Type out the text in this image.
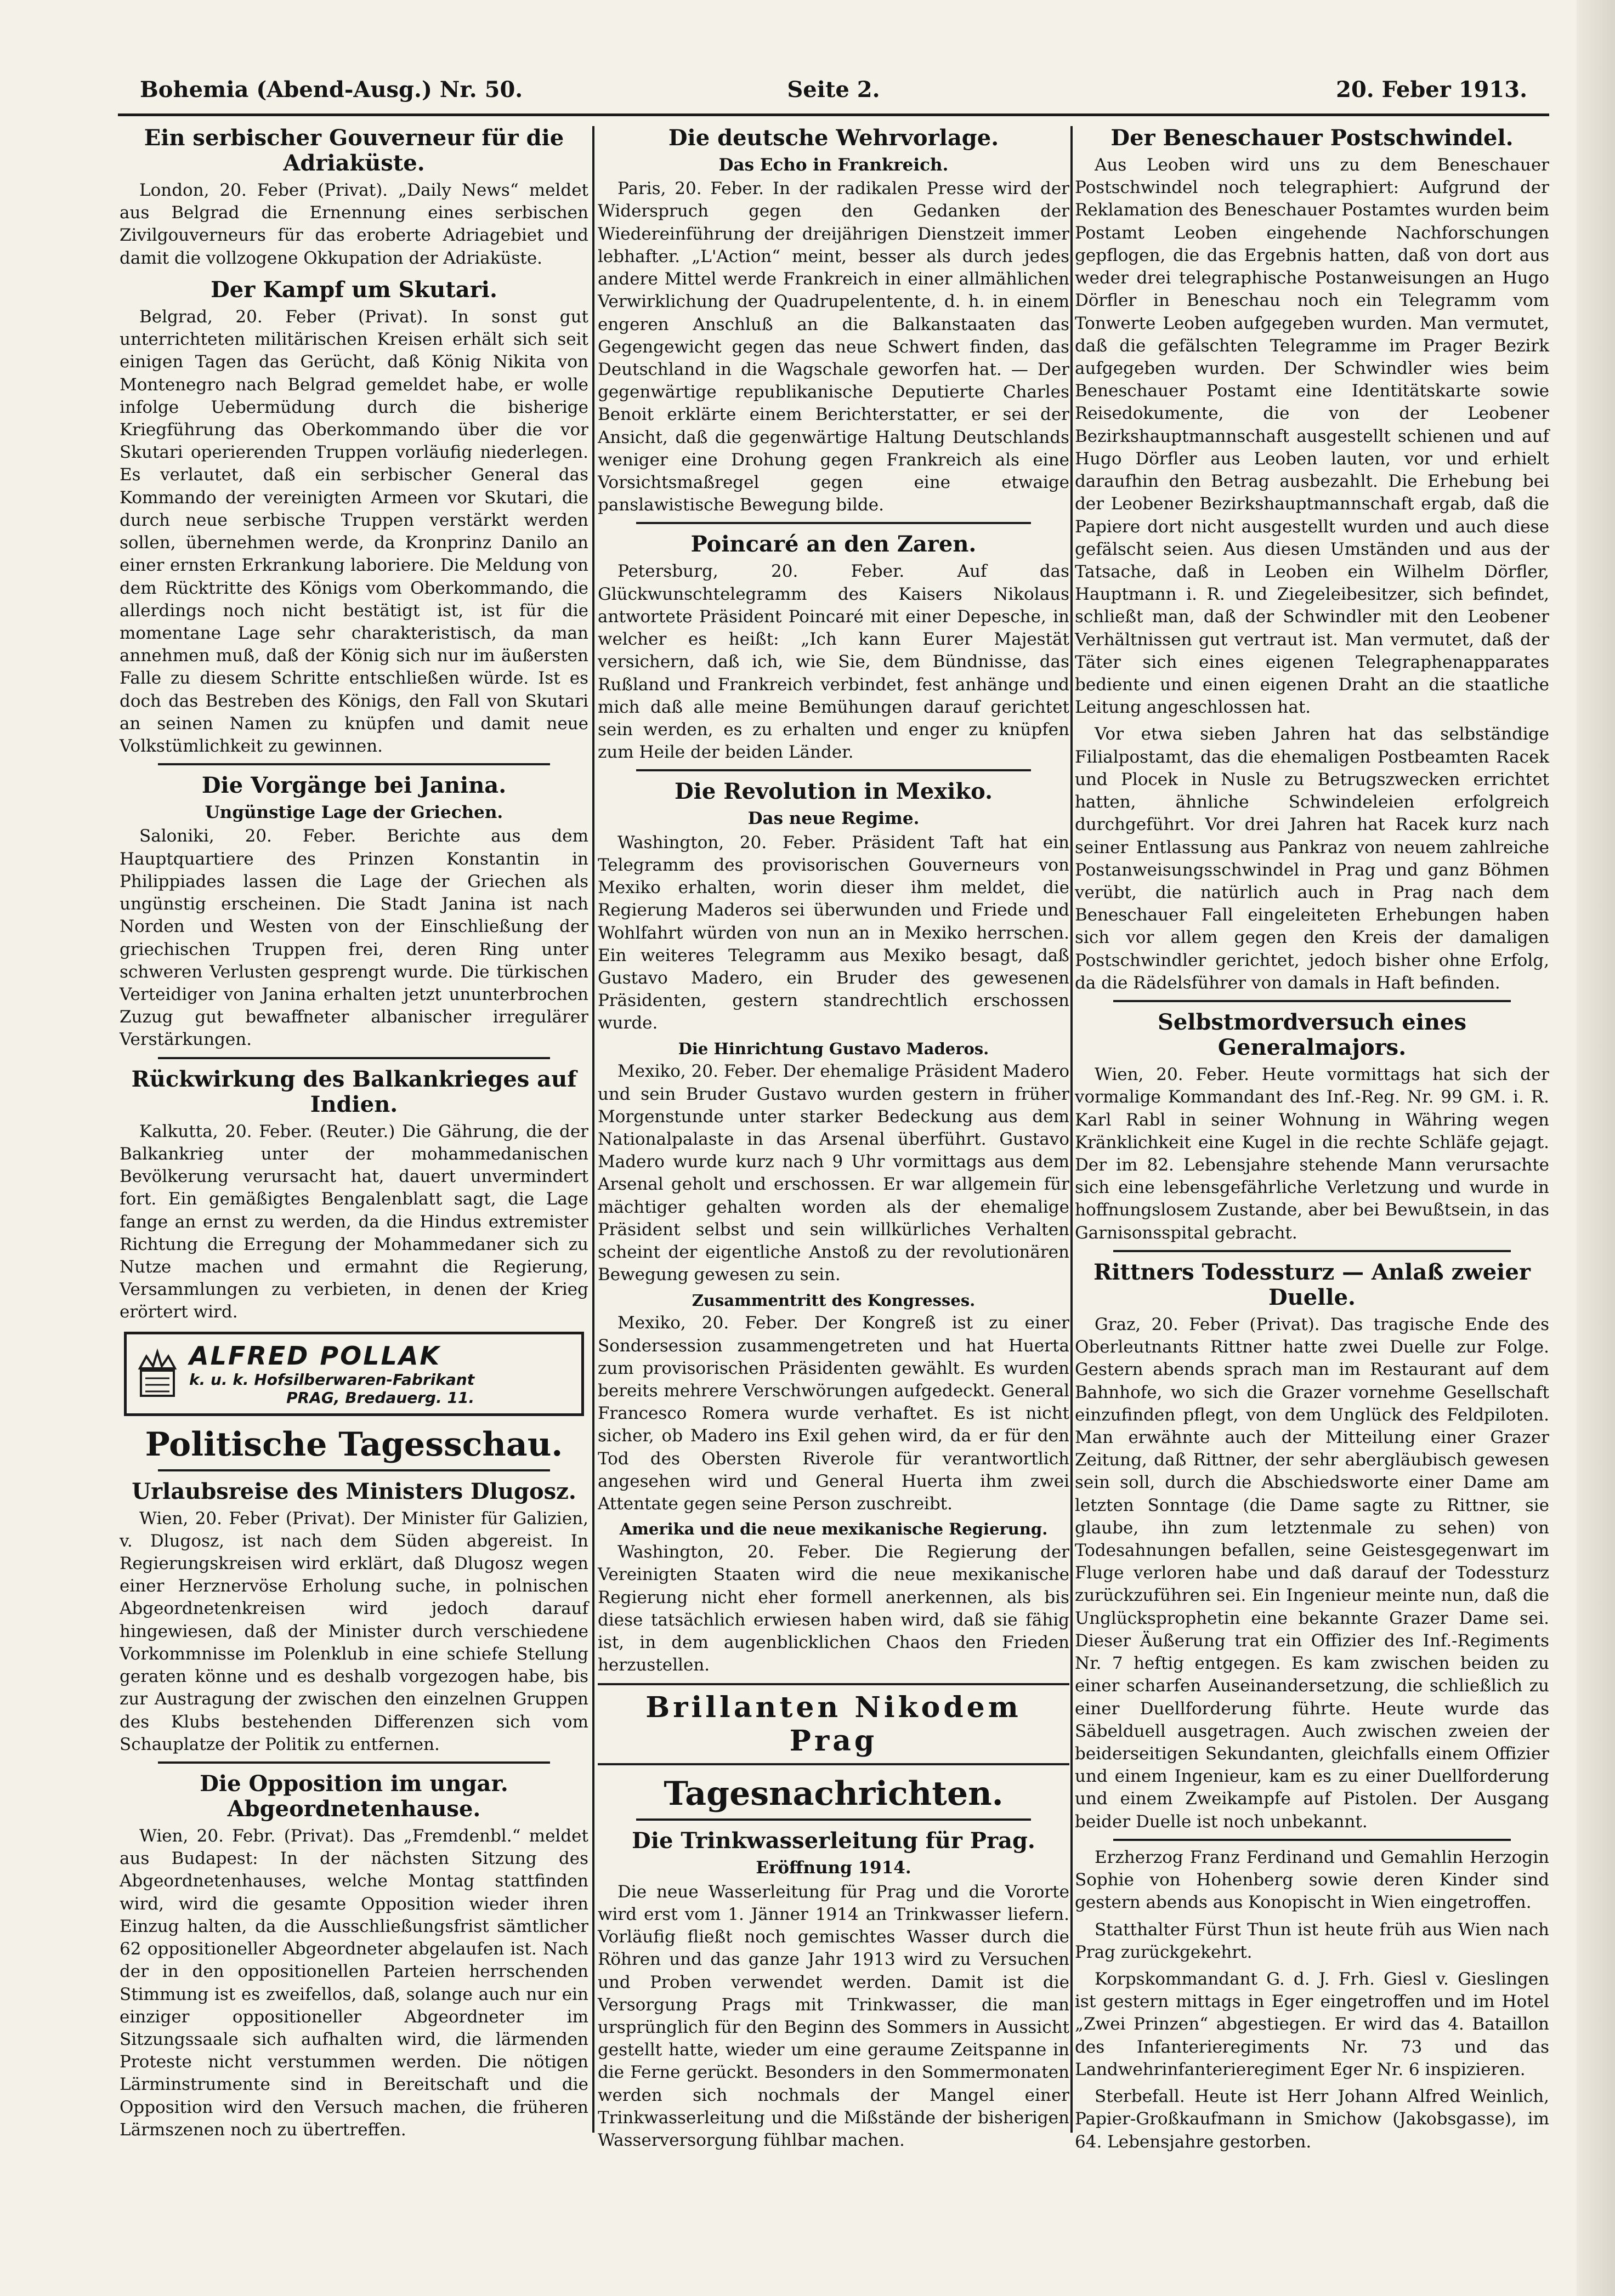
Bohemia (Abend-Ausg.) Nr. 50.	Seite 2.	20. Feber 1913.
Ein serbischer Gouverneur für die Adriaküste.

London, 20. Feber (Privat). „Daily News“ meldet aus Belgrad die Ernennung eines serbischen Zivilgouverneurs für das eroberte Adriagebiet und damit die vollzogene Okkupation der Adriaküste.

Der Kampf um Skutari.

Belgrad, 20. Feber (Privat). In sonst gut unterrichteten militärischen Kreisen erhält sich seit einigen Tagen das Gerücht, daß König Nikita von Montenegro nach Belgrad gemeldet habe, er wolle infolge Uebermüdung durch die bisherige Kriegführung das Oberkommando über die vor Skutari operierenden Truppen vorläufig niederlegen. Es verlautet, daß ein serbischer General das Kommando der vereinigten Armeen vor Skutari, die durch neue serbische Truppen verstärkt werden sollen, übernehmen werde, da Kronprinz Danilo an einer ernsten Erkrankung laboriere. Die Meldung von dem Rücktritte des Königs vom Oberkommando, die allerdings noch nicht bestätigt ist, ist für die momentane Lage sehr charakteristisch, da man annehmen muß, daß der König sich nur im äußersten Falle zu diesem Schritte entschließen würde. Ist es doch das Bestreben des Königs, den Fall von Skutari an seinen Namen zu knüpfen und damit neue Volkstümlichkeit zu gewinnen.

Die Vorgänge bei Janina.
Ungünstige Lage der Griechen.

Saloniki, 20. Feber. Berichte aus dem Hauptquartiere des Prinzen Konstantin in Philippiades lassen die Lage der Griechen als ungünstig erscheinen. Die Stadt Janina ist nach Norden und Westen von der Einschließung der griechischen Truppen frei, deren Ring unter schweren Verlusten gesprengt wurde. Die türkischen Verteidiger von Janina erhalten jetzt ununterbrochen Zuzug gut bewaffneter albanischer irregulärer Verstärkungen.

Rückwirkung des Balkankrieges auf Indien.

Kalkutta, 20. Feber. (Reuter.) Die Gährung, die der Balkankrieg unter der mohammedanischen Bevölkerung verursacht hat, dauert unvermindert fort. Ein gemäßigtes Bengalenblatt sagt, die Lage fange an ernst zu werden, da die Hindus extremister Richtung die Erregung der Mohammedaner sich zu Nutze machen und ermahnt die Regierung, Versammlungen zu verbieten, in denen der Krieg erörtert wird.

ALFRED POLLAK
k. u. k. Hofsilberwaren-Fabrikant
PRAG, Bredauerg. 11.
Politische Tagesschau.
Urlaubsreise des Ministers Dlugosz.

Wien, 20. Feber (Privat). Der Minister für Galizien, v. Dlugosz, ist nach dem Süden abgereist. In Regierungskreisen wird erklärt, daß Dlugosz wegen einer Herznervöse Erholung suche, in polnischen Abgeordnetenkreisen wird jedoch darauf hingewiesen, daß der Minister durch verschiedene Vorkommnisse im Polenklub in eine schiefe Stellung geraten könne und es deshalb vorgezogen habe, bis zur Austragung der zwischen den einzelnen Gruppen des Klubs bestehenden Differenzen sich vom Schauplatze der Politik zu entfernen.

Die Opposition im ungar. Abgeordnetenhause.

Wien, 20. Febr. (Privat). Das „Fremdenbl.“ meldet aus Budapest: In der nächsten Sitzung des Abgeordnetenhauses, welche Montag stattfinden wird, wird die gesamte Opposition wieder ihren Einzug halten, da die Ausschließungsfrist sämtlicher 62 oppositioneller Abgeordneter abgelaufen ist. Nach der in den oppositionellen Parteien herrschenden Stimmung ist es zweifellos, daß, solange auch nur ein einziger oppositioneller Abgeordneter im Sitzungssaale sich aufhalten wird, die lärmenden Proteste nicht verstummen werden. Die nötigen Lärminstrumente sind in Bereitschaft und die Opposition wird den Versuch machen, die früheren Lärmszenen noch zu übertreffen.

Die deutsche Wehrvorlage.
Das Echo in Frankreich.

Paris, 20. Feber. In der radikalen Presse wird der Widerspruch gegen den Gedanken der Wiedereinführung der dreijährigen Dienstzeit immer lebhafter. „L'Action“ meint, besser als durch jedes andere Mittel werde Frankreich in einer allmählichen Verwirklichung der Quadrupelentente, d. h. in einem engeren Anschluß an die Balkanstaaten das Gegengewicht gegen das neue Schwert finden, das Deutschland in die Wagschale geworfen hat. — Der gegenwärtige republikanische Deputierte Charles Benoit erklärte einem Berichterstatter, er sei der Ansicht, daß die gegenwärtige Haltung Deutschlands weniger eine Drohung gegen Frankreich als eine Vorsichtsmaßregel gegen eine etwaige panslawistische Bewegung bilde.

Poincaré an den Zaren.

Petersburg, 20. Feber. Auf das Glückwunschtelegramm des Kaisers Nikolaus antwortete Präsident Poincaré mit einer Depesche, in welcher es heißt: „Ich kann Eurer Majestät versichern, daß ich, wie Sie, dem Bündnisse, das Rußland und Frankreich verbindet, fest anhänge und mich daß alle meine Bemühungen darauf gerichtet sein werden, es zu erhalten und enger zu knüpfen zum Heile der beiden Länder.

Die Revolution in Mexiko.
Das neue Regime.

Washington, 20. Feber. Präsident Taft hat ein Telegramm des provisorischen Gouverneurs von Mexiko erhalten, worin dieser ihm meldet, die Regierung Maderos sei überwunden und Friede und Wohlfahrt würden von nun an in Mexiko herrschen. Ein weiteres Telegramm aus Mexiko besagt, daß Gustavo Madero, ein Bruder des gewesenen Präsidenten, gestern standrechtlich erschossen wurde.

Die Hinrichtung Gustavo Maderos.

Mexiko, 20. Feber. Der ehemalige Präsident Madero und sein Bruder Gustavo wurden gestern in früher Morgenstunde unter starker Bedeckung aus dem Nationalpalaste in das Arsenal überführt. Gustavo Madero wurde kurz nach 9 Uhr vormittags aus dem Arsenal geholt und erschossen. Er war allgemein für mächtiger gehalten worden als der ehemalige Präsident selbst und sein willkürliches Verhalten scheint der eigentliche Anstoß zu der revolutionären Bewegung gewesen zu sein.

Zusammentritt des Kongresses.

Mexiko, 20. Feber. Der Kongreß ist zu einer Sondersession zusammengetreten und hat Huerta zum provisorischen Präsidenten gewählt. Es wurden bereits mehrere Verschwörungen aufgedeckt. General Francesco Romera wurde verhaftet. Es ist nicht sicher, ob Madero ins Exil gehen wird, da er für den Tod des Obersten Riverole für verantwortlich angesehen wird und General Huerta ihm zwei Attentate gegen seine Person zuschreibt.

Amerika und die neue mexikanische Regierung.

Washington, 20. Feber. Die Regierung der Vereinigten Staaten wird die neue mexikanische Regierung nicht eher formell anerkennen, als bis diese tatsächlich erwiesen haben wird, daß sie fähig ist, in dem augenblicklichen Chaos den Frieden herzustellen.

Brillanten Nikodem Prag
Tagesnachrichten.
Die Trinkwasserleitung für Prag.
Eröffnung 1914.

Die neue Wasserleitung für Prag und die Vororte wird erst vom 1. Jänner 1914 an Trinkwasser liefern. Vorläufig fließt noch gemischtes Wasser durch die Röhren und das ganze Jahr 1913 wird zu Versuchen und Proben verwendet werden. Damit ist die Versorgung Prags mit Trinkwasser, die man ursprünglich für den Beginn des Sommers in Aussicht gestellt hatte, wieder um eine geraume Zeitspanne in die Ferne gerückt. Besonders in den Sommermonaten werden sich nochmals der Mangel einer Trinkwasserleitung und die Mißstände der bisherigen Wasserversorgung fühlbar machen.

Der Beneschauer Postschwindel.

Aus Leoben wird uns zu dem Beneschauer Postschwindel noch telegraphiert: Aufgrund der Reklamation des Beneschauer Postamtes wurden beim Postamt Leoben eingehende Nachforschungen gepflogen, die das Ergebnis hatten, daß von dort aus weder drei telegraphische Postanweisungen an Hugo Dörfler in Beneschau noch ein Telegramm vom Tonwerte Leoben aufgegeben wurden. Man vermutet, daß die gefälschten Telegramme im Prager Bezirk aufgegeben wurden. Der Schwindler wies beim Beneschauer Postamt eine Identitätskarte sowie Reisedokumente, die von der Leobener Bezirkshauptmannschaft ausgestellt schienen und auf Hugo Dörfler aus Leoben lauten, vor und erhielt daraufhin den Betrag ausbezahlt. Die Erhebung bei der Leobener Bezirkshauptmannschaft ergab, daß die Papiere dort nicht ausgestellt wurden und auch diese gefälscht seien. Aus diesen Umständen und aus der Tatsache, daß in Leoben ein Wilhelm Dörfler, Hauptmann i. R. und Ziegeleibesitzer, sich befindet, schließt man, daß der Schwindler mit den Leobener Verhältnissen gut vertraut ist. Man vermutet, daß der Täter sich eines eigenen Telegraphenapparates bediente und einen eigenen Draht an die staatliche Leitung angeschlossen hat.

Vor etwa sieben Jahren hat das selbständige Filialpostamt, das die ehemaligen Postbeamten Racek und Plocek in Nusle zu Betrugszwecken errichtet hatten, ähnliche Schwindeleien erfolgreich durchgeführt. Vor drei Jahren hat Racek kurz nach seiner Entlassung aus Pankraz von neuem zahlreiche Postanweisungsschwindel in Prag und ganz Böhmen verübt, die natürlich auch in Prag nach dem Beneschauer Fall eingeleiteten Erhebungen haben sich vor allem gegen den Kreis der damaligen Postschwindler gerichtet, jedoch bisher ohne Erfolg, da die Rädelsführer von damals in Haft befinden.

Selbstmordversuch eines Generalmajors.

Wien, 20. Feber. Heute vormittags hat sich der vormalige Kommandant des Inf.-Reg. Nr. 99 GM. i. R. Karl Rabl in seiner Wohnung in Währing wegen Kränklichkeit eine Kugel in die rechte Schläfe gejagt. Der im 82. Lebensjahre stehende Mann verursachte sich eine lebensgefährliche Verletzung und wurde in hoffnungslosem Zustande, aber bei Bewußtsein, in das Garnisonsspital gebracht.

Rittners Todessturz — Anlaß zweier Duelle.

Graz, 20. Feber (Privat). Das tragische Ende des Oberleutnants Rittner hatte zwei Duelle zur Folge. Gestern abends sprach man im Restaurant auf dem Bahnhofe, wo sich die Grazer vornehme Gesellschaft einzufinden pflegt, von dem Unglück des Feldpiloten. Man erwähnte auch der Mitteilung einer Grazer Zeitung, daß Rittner, der sehr abergläubisch gewesen sein soll, durch die Abschiedsworte einer Dame am letzten Sonntage (die Dame sagte zu Rittner, sie glaube, ihn zum letztenmale zu sehen) von Todesahnungen befallen, seine Geistesgegenwart im Fluge verloren habe und daß darauf der Todessturz zurückzuführen sei. Ein Ingenieur meinte nun, daß die Unglücksprophetin eine bekannte Grazer Dame sei. Dieser Äußerung trat ein Offizier des Inf.-Regiments Nr. 7 heftig entgegen. Es kam zwischen beiden zu einer scharfen Auseinandersetzung, die schließlich zu einer Duellforderung führte. Heute wurde das Säbelduell ausgetragen. Auch zwischen zweien der beiderseitigen Sekundanten, gleichfalls einem Offizier und einem Ingenieur, kam es zu einer Duellforderung und einem Zweikampfe auf Pistolen. Der Ausgang beider Duelle ist noch unbekannt.

Erzherzog Franz Ferdinand und Gemahlin Herzogin Sophie von Hohenberg sowie deren Kinder sind gestern abends aus Konopischt in Wien eingetroffen.

Statthalter Fürst Thun ist heute früh aus Wien nach Prag zurückgekehrt.

Korpskommandant G. d. J. Frh. Giesl v. Gieslingen ist gestern mittags in Eger eingetroffen und im Hotel „Zwei Prinzen“ abgestiegen. Er wird das 4. Bataillon des Infanterieregiments Nr. 73 und das Landwehrinfanterieregiment Eger Nr. 6 inspizieren.

Sterbefall. Heute ist Herr Johann Alfred Weinlich, Papier-Großkaufmann in Smichow (Jakobsgasse), im 64. Lebensjahre gestorben.
